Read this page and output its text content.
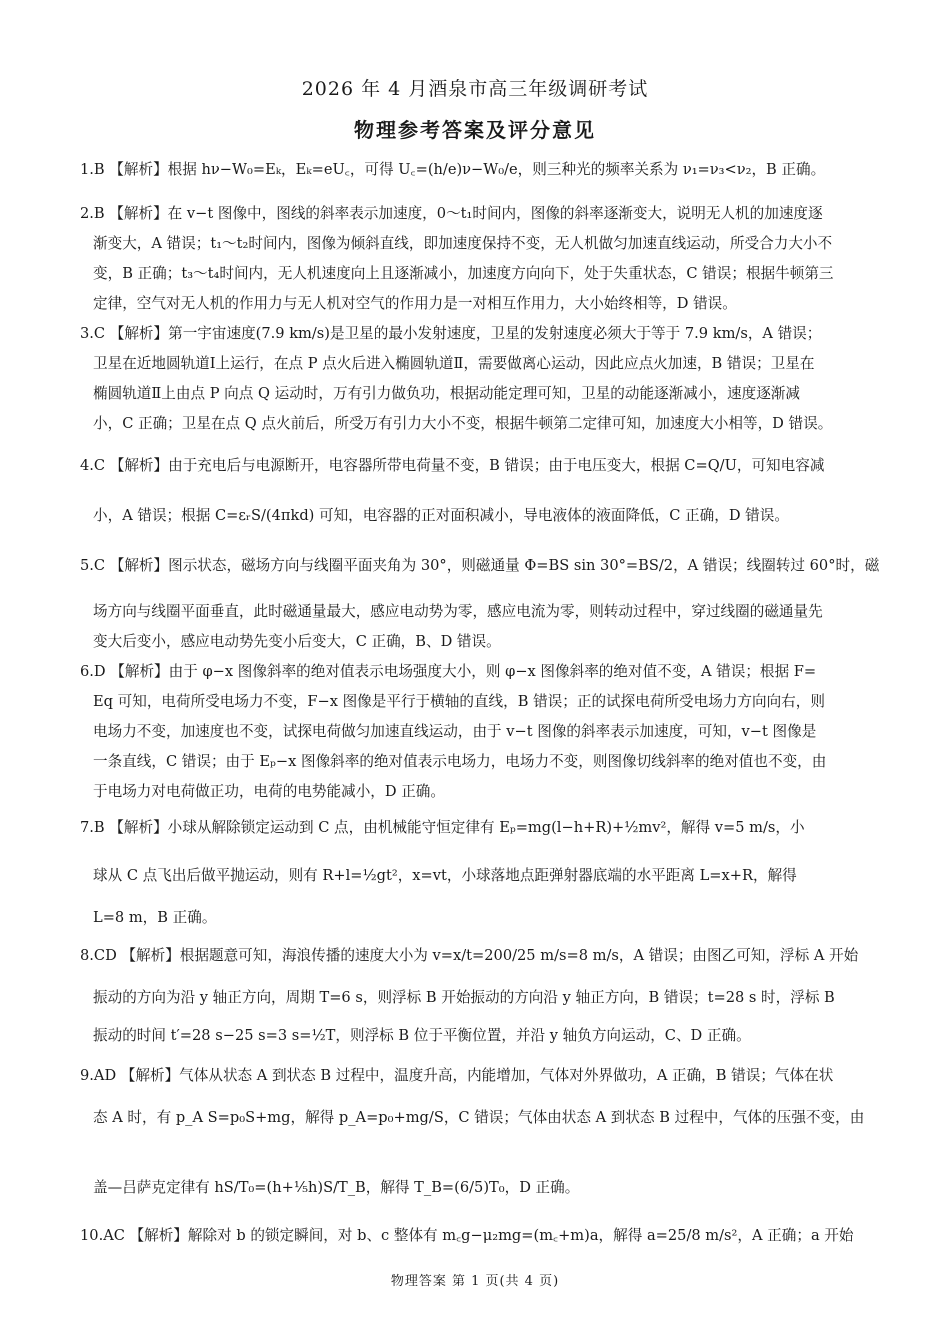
2026 年 4 月酒泉市高三年级调研考试
物理参考答案及评分意见
1.B 【解析】根据 hν−W₀=Eₖ，Eₖ=eU꜀，可得 U꜀=(h/e)ν−W₀/e，则三种光的频率关系为 ν₁=ν₃<ν₂，B 正确。
2.B 【解析】在 v−t 图像中，图线的斜率表示加速度，0～t₁时间内，图像的斜率逐渐变大，说明无人机的加速度逐
渐变大，A 错误；t₁～t₂时间内，图像为倾斜直线，即加速度保持不变，无人机做匀加速直线运动，所受合力大小不
变，B 正确；t₃～t₄时间内，无人机速度向上且逐渐减小，加速度方向向下，处于失重状态，C 错误；根据牛顿第三
定律，空气对无人机的作用力与无人机对空气的作用力是一对相互作用力，大小始终相等，D 错误。
3.C 【解析】第一宇宙速度(7.9 km/s)是卫星的最小发射速度，卫星的发射速度必须大于等于 7.9 km/s，A 错误；
卫星在近地圆轨道Ⅰ上运行，在点 P 点火后进入椭圆轨道Ⅱ，需要做离心运动，因此应点火加速，B 错误；卫星在
椭圆轨道Ⅱ上由点 P 向点 Q 运动时，万有引力做负功，根据动能定理可知，卫星的动能逐渐减小，速度逐渐减
小，C 正确；卫星在点 Q 点火前后，所受万有引力大小不变，根据牛顿第二定律可知，加速度大小相等，D 错误。
4.C 【解析】由于充电后与电源断开，电容器所带电荷量不变，B 错误；由于电压变大，根据 C=Q/U，可知电容减
小，A 错误；根据 C=εᵣS/(4πkd) 可知，电容器的正对面积减小，导电液体的液面降低，C 正确，D 错误。
5.C 【解析】图示状态，磁场方向与线圈平面夹角为 30°，则磁通量 Φ=BS sin 30°=BS/2，A 错误；线圈转过 60°时，磁
场方向与线圈平面垂直，此时磁通量最大，感应电动势为零，感应电流为零，则转动过程中，穿过线圈的磁通量先
变大后变小，感应电动势先变小后变大，C 正确，B、D 错误。
6.D 【解析】由于 φ−x 图像斜率的绝对值表示电场强度大小，则 φ−x 图像斜率的绝对值不变，A 错误；根据 F=
Eq 可知，电荷所受电场力不变，F−x 图像是平行于横轴的直线，B 错误；正的试探电荷所受电场力方向向右，则
电场力不变，加速度也不变，试探电荷做匀加速直线运动，由于 v−t 图像的斜率表示加速度，可知，v−t 图像是
一条直线，C 错误；由于 Eₚ−x 图像斜率的绝对值表示电场力，电场力不变，则图像切线斜率的绝对值也不变，由
于电场力对电荷做正功，电荷的电势能减小，D 正确。
7.B 【解析】小球从解除锁定运动到 C 点，由机械能守恒定律有 Eₚ=mg(l−h+R)+½mv²，解得 v=5 m/s，小
球从 C 点飞出后做平抛运动，则有 R+l=½gt²，x=vt，小球落地点距弹射器底端的水平距离 L=x+R，解得
L=8 m，B 正确。
8.CD 【解析】根据题意可知，海浪传播的速度大小为 v=x/t=200/25 m/s=8 m/s，A 错误；由图乙可知，浮标 A 开始
振动的方向为沿 y 轴正方向，周期 T=6 s，则浮标 B 开始振动的方向沿 y 轴正方向，B 错误；t=28 s 时，浮标 B
振动的时间 t′=28 s−25 s=3 s=½T，则浮标 B 位于平衡位置，并沿 y 轴负方向运动，C、D 正确。
9.AD 【解析】气体从状态 A 到状态 B 过程中，温度升高，内能增加，气体对外界做功，A 正确，B 错误；气体在状
态 A 时，有 p_A S=p₀S+mg，解得 p_A=p₀+mg/S，C 错误；气体由状态 A 到状态 B 过程中，气体的压强不变，由
盖—吕萨克定律有 hS/T₀=(h+⅕h)S/T_B，解得 T_B=(6/5)T₀，D 正确。
10.AC 【解析】解除对 b 的锁定瞬间，对 b、c 整体有 m꜀g−μ₂mg=(m꜀+m)a，解得 a=25/8 m/s²，A 正确；a 开始
物理答案 第 1 页(共 4 页)
